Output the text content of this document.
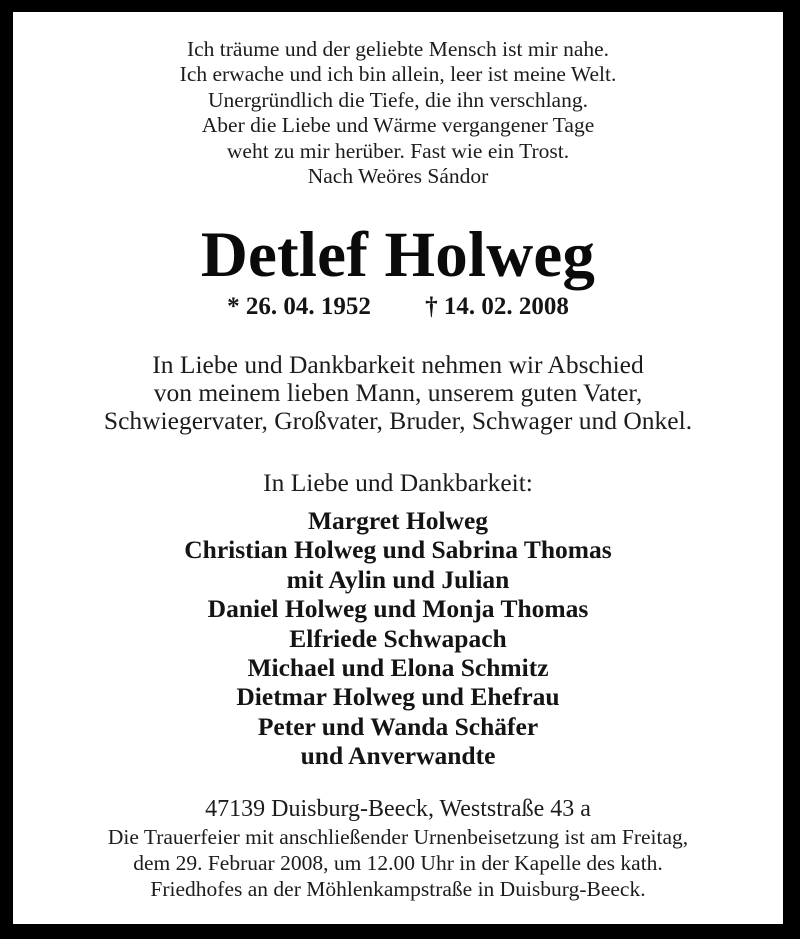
Ich träume und der geliebte Mensch ist mir nahe.
Ich erwache und ich bin allein, leer ist meine Welt.
Unergründlich die Tiefe, die ihn verschlang.
Aber die Liebe und Wärme vergangener Tage
weht zu mir herüber. Fast wie ein Trost.
Nach Weöres Sándor
Detlef Holweg
* 26. 04. 1952 † 14. 02. 2008
In Liebe und Dankbarkeit nehmen wir Abschied
von meinem lieben Mann, unserem guten Vater,
Schwiegervater, Großvater, Bruder, Schwager und Onkel.
In Liebe und Dankbarkeit:
Margret Holweg
Christian Holweg und Sabrina Thomas
mit Aylin und Julian
Daniel Holweg und Monja Thomas
Elfriede Schwapach
Michael und Elona Schmitz
Dietmar Holweg und Ehefrau
Peter und Wanda Schäfer
und Anverwandte
47139 Duisburg-Beeck, Weststraße 43 a
Die Trauerfeier mit anschließender Urnenbeisetzung ist am Freitag,
dem 29. Februar 2008, um 12.00 Uhr in der Kapelle des kath.
Friedhofes an der Möhlenkampstraße in Duisburg-Beeck.
